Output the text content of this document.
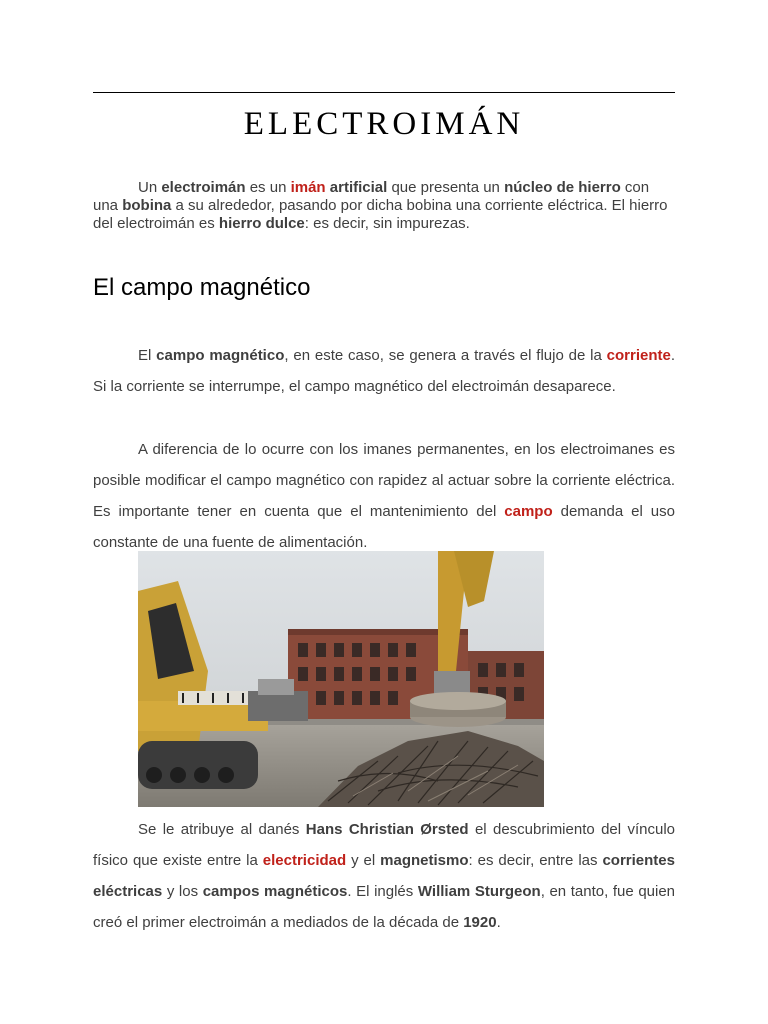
ELECTROIMÁN

Un electroimán es un imán artificial que presenta un núcleo de hierro con una bobina a su alrededor, pasando por dicha bobina una corriente eléctrica. El hierro del electroimán es hierro dulce: es decir, sin impurezas.

El campo magnético

El campo magnético, en este caso, se genera a través el flujo de la corriente. Si la corriente se interrumpe, el campo magnético del electroimán desaparece.

A diferencia de lo ocurre con los imanes permanentes, en los electroimanes es posible modificar el campo magnético con rapidez al actuar sobre la corriente eléctrica. Es importante tener en cuenta que el mantenimiento del campo demanda el uso constante de una fuente de alimentación.

Se le atribuye al danés Hans Christian Ørsted el descubrimiento del vínculo físico que existe entre la electricidad y el magnetismo: es decir, entre las corrientes eléctricas y los campos magnéticos. El inglés William Sturgeon, en tanto, fue quien creó el primer electroimán a mediados de la década de 1920.
